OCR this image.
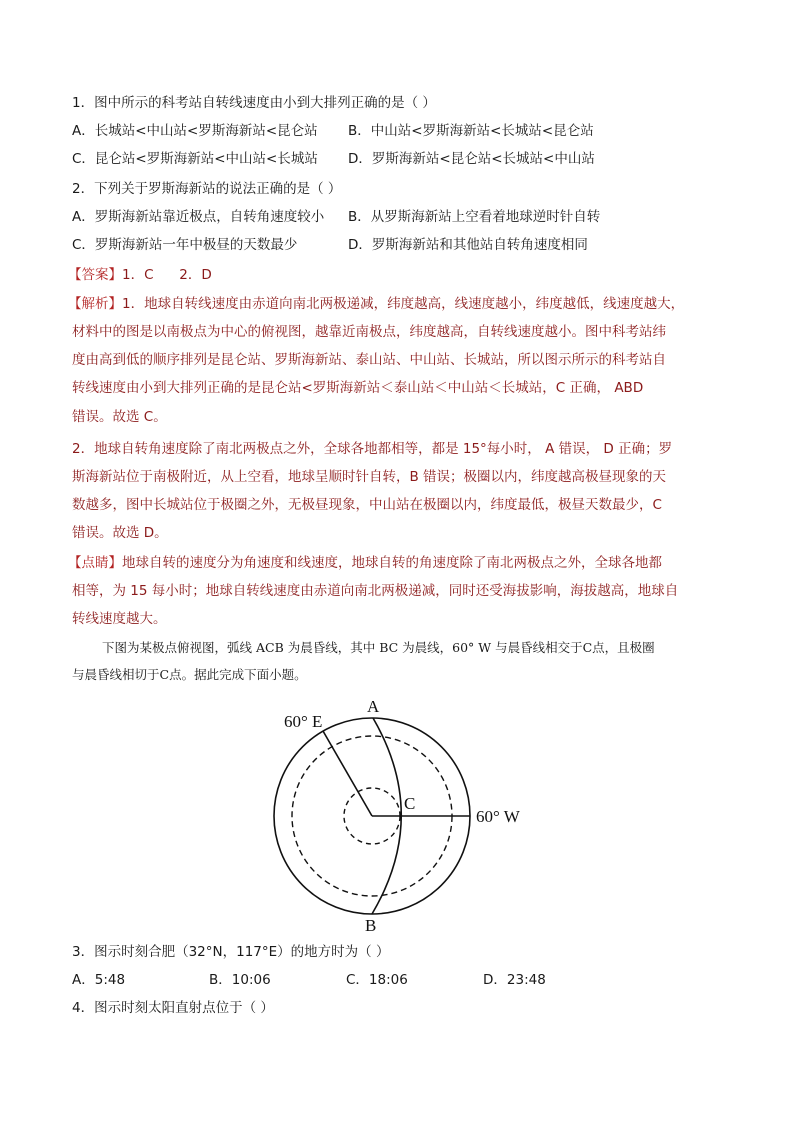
1．图中所示的科考站自转线速度由小到大排列正确的是（ ）
A．长城站<中山站<罗斯海新站<昆仑站 B．中山站<罗斯海新站<长城站<昆仑站
C．昆仑站<罗斯海新站<中山站<长城站 D．罗斯海新站<昆仑站<长城站<中山站
2．下列关于罗斯海新站的说法正确的是（ ）
A．罗斯海新站靠近极点，自转角速度较小 B．从罗斯海新站上空看着地球逆时针自转
C．罗斯海新站一年中极昼的天数最少	D．罗斯海新站和其他站自转角速度相同
【答案】1．C      2．D
【解析】1．地球自转线速度由赤道向南北两极递减，纬度越高，线速度越小，纬度越低，线速度越大，
材料中的图是以南极点为中心的俯视图，越靠近南极点，纬度越高，自转线速度越小。图中科考站纬
度由高到低的顺序排列是昆仑站、罗斯海新站、泰山站、中山站、长城站，所以图示所示的科考站自
转线速度由小到大排列正确的是昆仑站<罗斯海新站＜泰山站＜中山站＜长城站，C 正确， ABD
错误。故选 C。
2．地球自转角速度除了南北两极点之外，全球各地都相等，都是 15°每小时， A 错误， D 正确；罗
斯海新站位于南极附近，从上空看，地球呈顺时针自转，B 错误；极圈以内，纬度越高极昼现象的天
数越多，图中长城站位于极圈之外，无极昼现象，中山站在极圈以内，纬度最低，极昼天数最少，C
错误。故选 D。
【点睛】地球自转的速度分为角速度和线速度，地球自转的角速度除了南北两极点之外，全球各地都
相等，为 15 每小时；地球自转线速度由赤道向南北两极递减，同时还受海拔影响，海拔越高，地球自
转线速度越大。
下图为某极点俯视图，弧线 ACB 为晨昏线，其中 BC 为晨线，60° W 与晨昏线相交于C点，且极圈
与晨昏线相切于C点。据此完成下面小题。
A
B
C
60° E
60° W
3．图示时刻合肥（32°N，117°E）的地方时为（ ）
A．5:48	B．10:06	C．18:06	D．23:48
4．图示时刻太阳直射点位于（ ）
